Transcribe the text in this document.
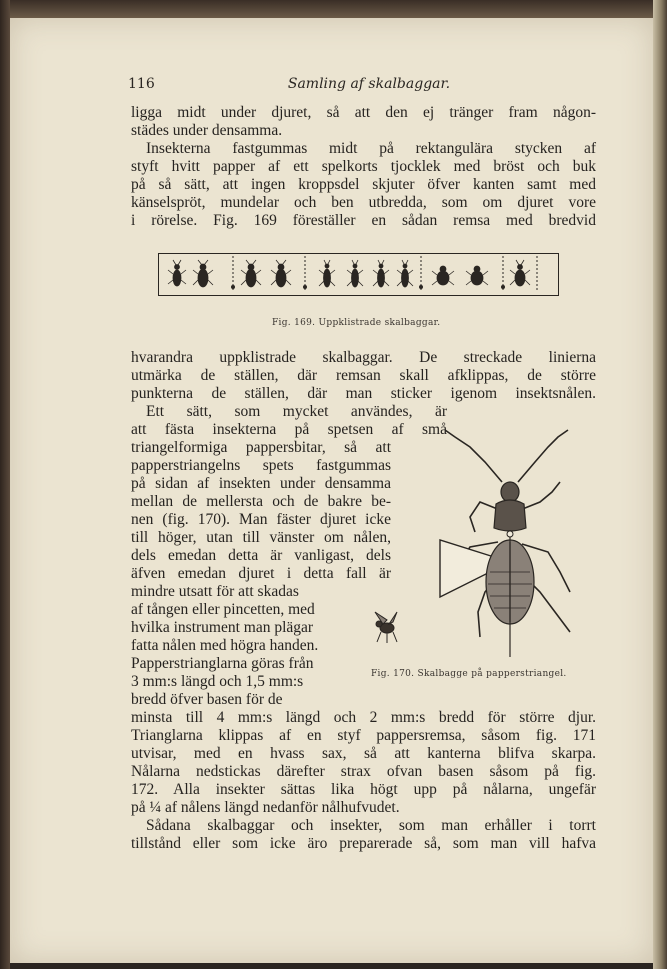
116	Samling af skalbaggar.
ligga midt under djuret, så att den ej tränger fram någon-
städes under densamma.
Insekterna fastgummas midt på rektangulära stycken af
styft hvitt papper af ett spelkorts tjocklek med bröst och buk
på så sätt, att ingen kroppsdel skjuter öfver kanten samt med
känselspröt, mundelar och ben utbredda, som om djuret vore
i rörelse. Fig. 169 föreställer en sådan remsa med bredvid
Fig. 169. Uppklistrade skalbaggar.
hvarandra uppklistrade skalbaggar. De streckade linierna
utmärka de ställen, där remsan skall afklippas, de större
punkterna de ställen, där man sticker igenom insektsnålen.
Ett sätt, som mycket användes, är
att fästa insekterna på spetsen af små
triangelformiga pappersbitar, så att
papperstriangelns spets fastgummas
på sidan af insekten under densamma
mellan de mellersta och de bakre be-
nen (fig. 170). Man fäster djuret icke
till höger, utan till vänster om nålen,
dels emedan detta är vanligast, dels
äfven emedan djuret i detta fall är
mindre utsatt för att skadas
af tången eller pincetten, med
hvilka instrument man plägar
fatta nålen med högra handen.
Papperstrianglarna göras från
3 mm:s längd och 1,5 mm:s
bredd öfver basen för de
Fig. 170. Skalbagge på papperstriangel.
minsta till 4 mm:s längd och 2 mm:s bredd för större djur.
Trianglarna klippas af en styf pappersremsa, såsom fig. 171
utvisar, med en hvass sax, så att kanterna blifva skarpa.
Nålarna nedstickas därefter strax ofvan basen såsom på fig.
172. Alla insekter sättas lika högt upp på nålarna, ungefär
på ¼ af nålens längd nedanför nålhufvudet.
Sådana skalbaggar och insekter, som man erhåller i torrt
tillstånd eller som icke äro preparerade så, som man vill hafva
